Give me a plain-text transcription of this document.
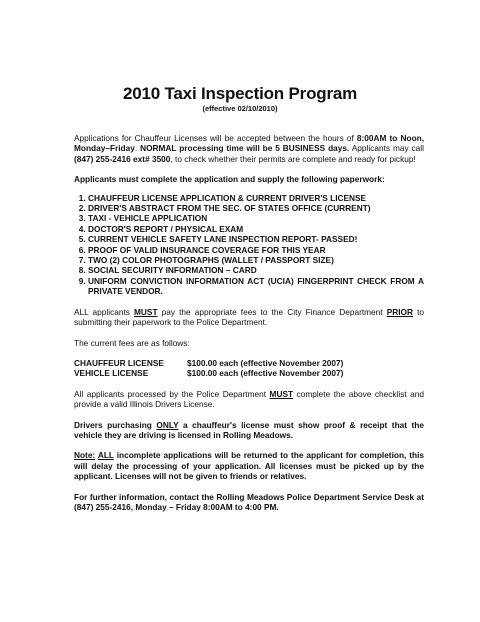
2010 Taxi Inspection Program
(effective 02/10/2010)

Applications for Chauffeur Licenses will be accepted between the hours of 8:00AM to Noon, Monday–Friday. NORMAL processing time will be 5 BUSINESS days. Applicants may call (847) 255-2416 ext# 3500, to check whether their permits are complete and ready for pickup!

Applicants must complete the application and supply the following paperwork:

1. CHAUFFEUR LICENSE APPLICATION & CURRENT DRIVER'S LICENSE
2. DRIVER'S ABSTRACT FROM THE SEC. OF STATES OFFICE (CURRENT)
3. TAXI - VEHICLE APPLICATION
4. DOCTOR'S REPORT / PHYSICAL EXAM
5. CURRENT VEHICLE SAFETY LANE INSPECTION REPORT- PASSED!
6. PROOF OF VALID INSURANCE COVERAGE FOR THIS YEAR
7. TWO (2) COLOR PHOTOGRAPHS (WALLET / PASSPORT SIZE)
8. SOCIAL SECURITY INFORMATION – CARD
9. UNIFORM CONVICTION INFORMATION ACT (UCIA) FINGERPRINT CHECK FROM A PRIVATE VENDOR.

ALL applicants MUST pay the appropriate fees to the City Finance Department PRIOR to submitting their paperwork to the Police Department.

The current fees are as follows:

CHAUFFEUR LICENSE	$100.00 each (effective November 2007)
VEHICLE LICENSE	$100.00 each (effective November 2007)

All applicants processed by the Police Department MUST complete the above checklist and provide a valid Illinois Drivers License.

Drivers purchasing ONLY a chauffeur's license must show proof & receipt that the vehicle they are driving is licensed in Rolling Meadows.

Note: ALL incomplete applications will be returned to the applicant for completion, this will delay the processing of your application. All licenses must be picked up by the applicant. Licenses will not be given to friends or relatives.

For further information, contact the Rolling Meadows Police Department Service Desk at (847) 255-2416, Monday – Friday 8:00AM to 4:00 PM.
